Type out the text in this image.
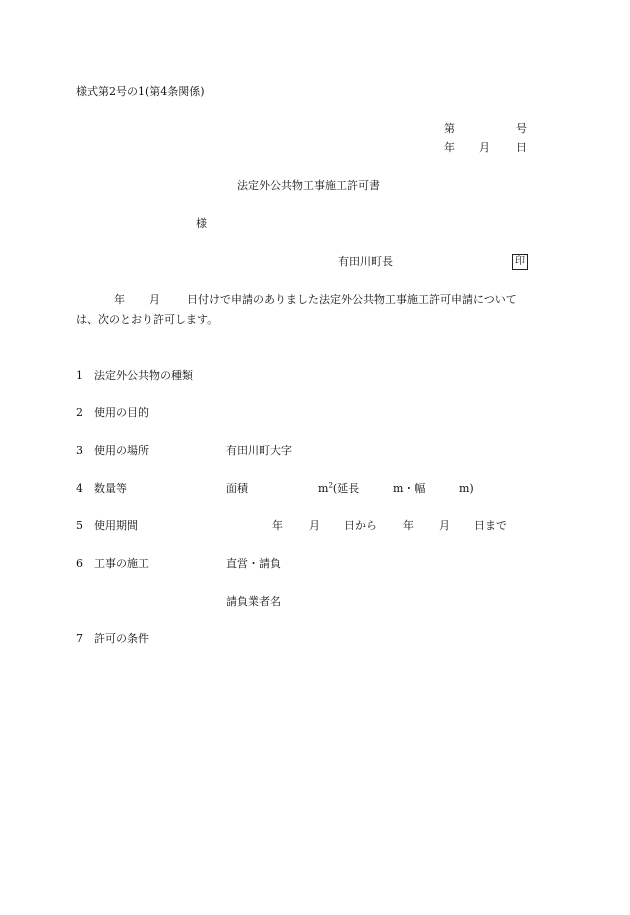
様式第2号の1(第4条関係)
第	号
年 月 日
法定外公共物工事施工許可書
様
有田川町長	印
年 月 日付けで申請のありました法定外公共物工事施工許可申請について
は、次のとおり許可します。
1 法定外公共物の種類
2 使用の目的
3 使用の場所	有田川町大字
4 数量等	面積	$m^2$(延長	m・幅	m)
5 使用期間	年 月 日から 年 月 日まで
6 工事の施工	直営・請負
請負業者名
7 許可の条件
